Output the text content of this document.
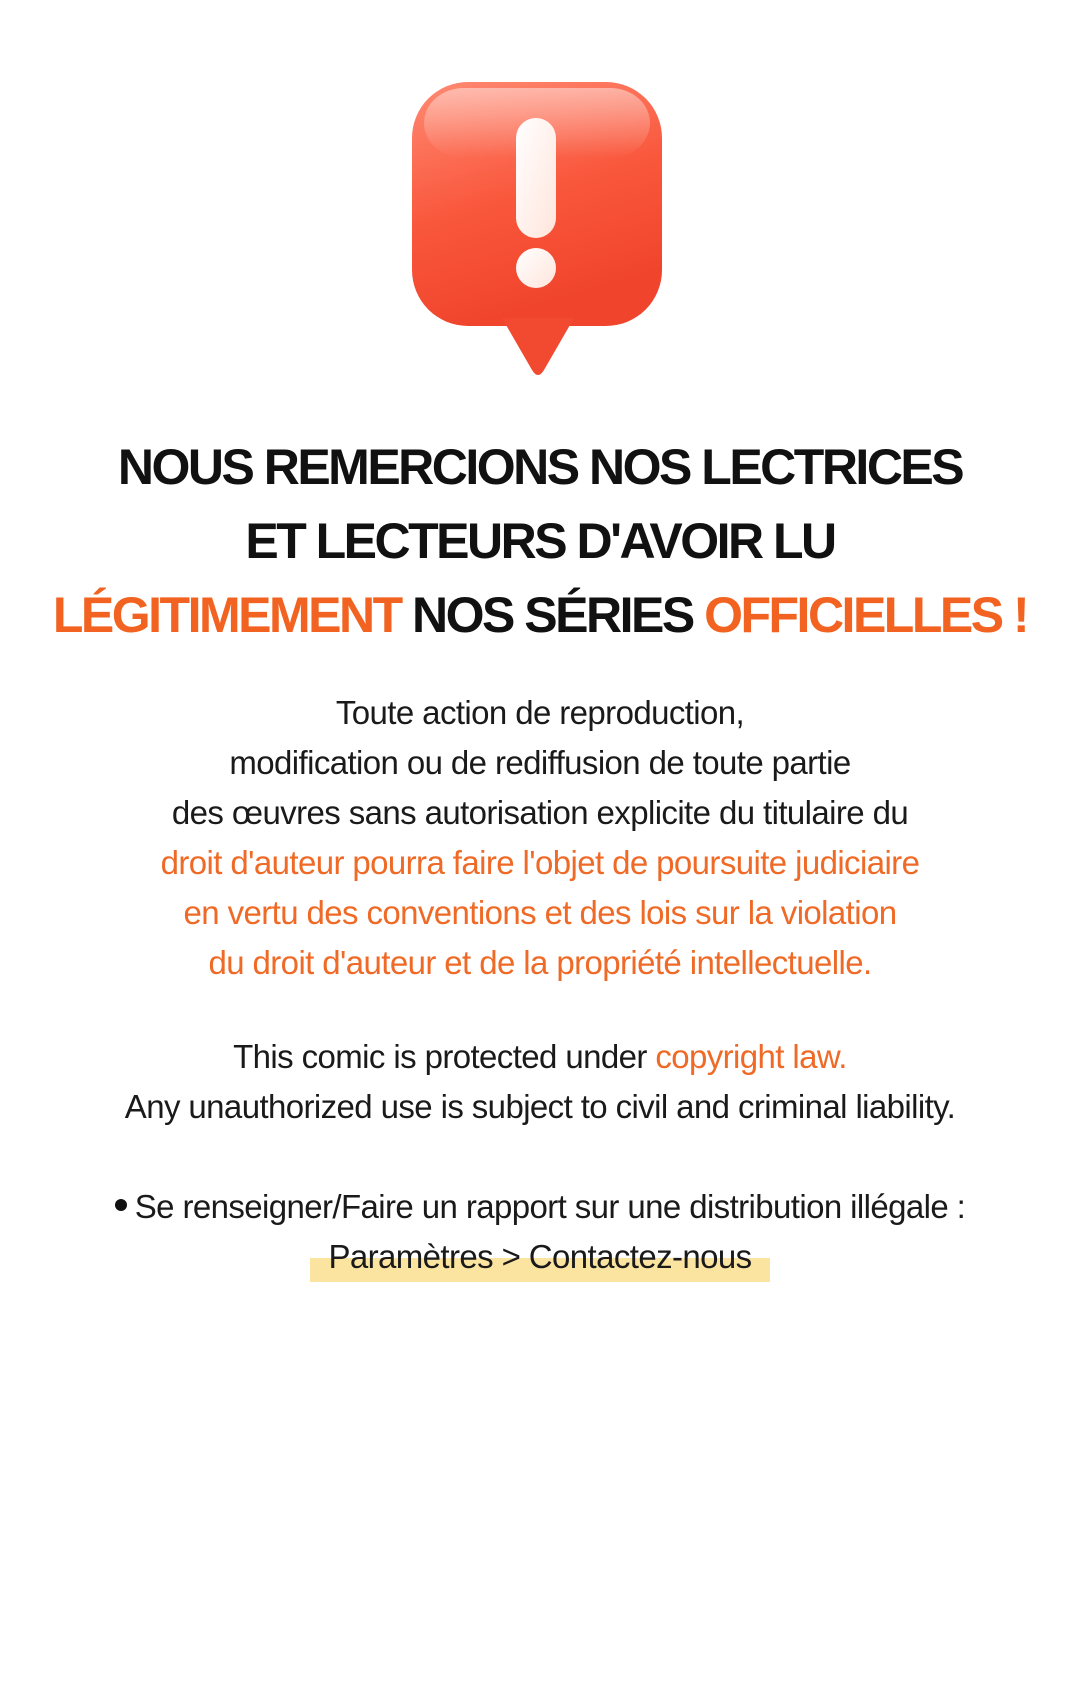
NOUS REMERCIONS NOS LECTRICES
ET LECTEURS D'AVOIR LU
LÉGITIMEMENT NOS SÉRIES OFFICIELLES !
Toute action de reproduction,
modification ou de rediffusion de toute partie
des œuvres sans autorisation explicite du titulaire du
droit d'auteur pourra faire l'objet de poursuite judiciaire
en vertu des conventions et des lois sur la violation
du droit d'auteur et de la propriété intellectuelle.
This comic is protected under copyright law.
Any unauthorized use is subject to civil and criminal liability.
Se renseigner/Faire un rapport sur une distribution illégale :
Paramètres > Contactez-nous
